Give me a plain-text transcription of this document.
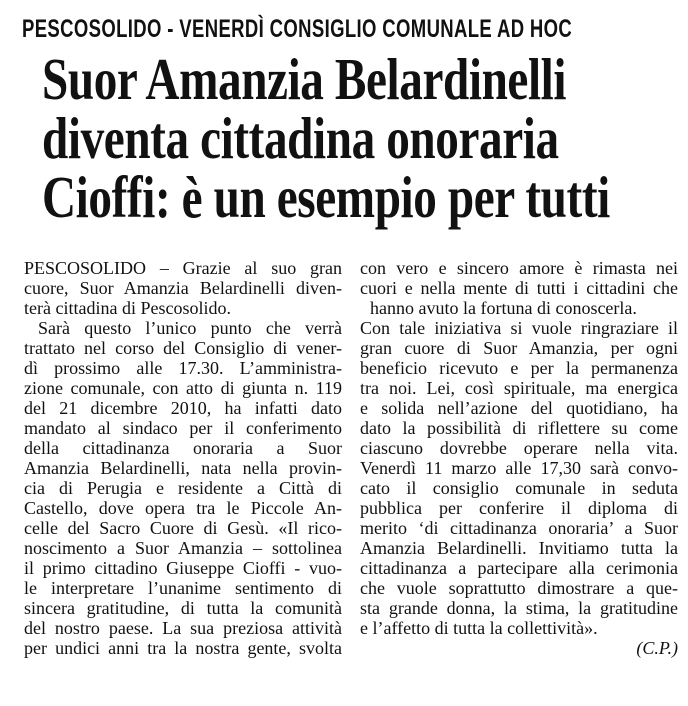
PESCOSOLIDO - VENERDÌ CONSIGLIO COMUNALE AD HOC
Suor Amanzia Belardinelli
diventa cittadina onoraria
Cioffi: è un esempio per tutti
PESCOSOLIDO – Grazie al suo gran
cuore, Suor Amanzia Belardinelli diven-
terà cittadina di Pescosolido.
Sarà questo l’unico punto che verrà
trattato nel corso del Consiglio di vener-
dì prossimo alle 17.30. L’amministra-
zione comunale, con atto di giunta n. 119
del 21 dicembre 2010, ha infatti dato
mandato al sindaco per il conferimento
della cittadinanza onoraria a Suor
Amanzia Belardinelli, nata nella provin-
cia di Perugia e residente a Città di
Castello, dove opera tra le Piccole An-
celle del Sacro Cuore di Gesù. «Il rico-
noscimento a Suor Amanzia – sottolinea
il primo cittadino Giuseppe Cioffi - vuo-
le interpretare l’unanime sentimento di
sincera gratitudine, di tutta la comunità
del nostro paese. La sua preziosa attività
per undici anni tra la nostra gente, svolta
con vero e sincero amore è rimasta nei
cuori e nella mente di tutti i cittadini che
hanno avuto la fortuna di conoscerla.
Con tale iniziativa si vuole ringraziare il
gran cuore di Suor Amanzia, per ogni
beneficio ricevuto e per la permanenza
tra noi. Lei, così spirituale, ma energica
e solida nell’azione del quotidiano, ha
dato la possibilità di riflettere su come
ciascuno dovrebbe operare nella vita.
Venerdì 11 marzo alle 17,30 sarà convo-
cato il consiglio comunale in seduta
pubblica per conferire il diploma di
merito ‘di cittadinanza onoraria’ a Suor
Amanzia Belardinelli. Invitiamo tutta la
cittadinanza a partecipare alla cerimonia
che vuole soprattutto dimostrare a que-
sta grande donna, la stima, la gratitudine
e l’affetto di tutta la collettività».
(C.P.)
